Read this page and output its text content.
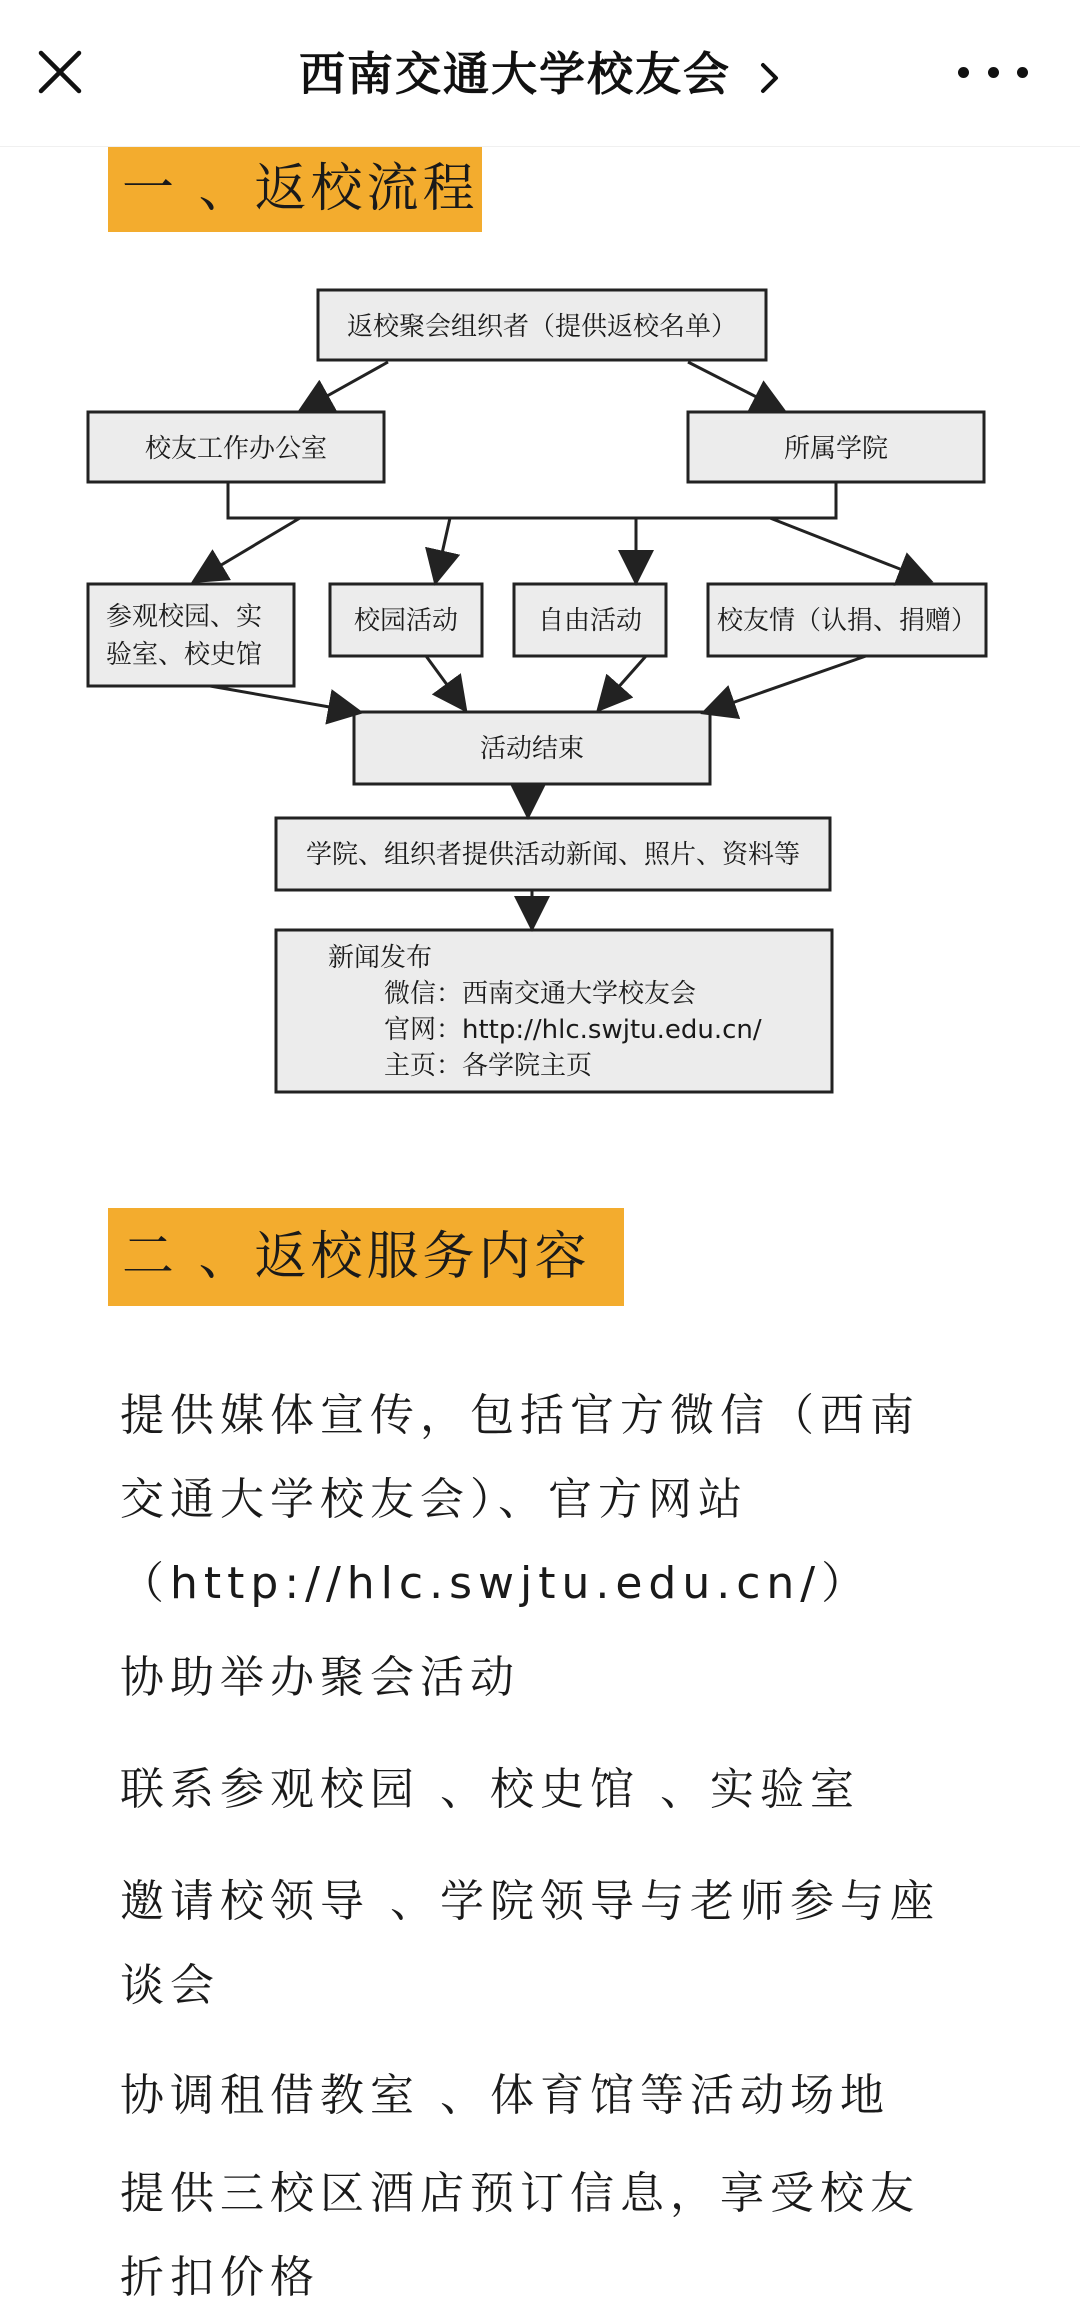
西南交通大学校友会
一 、返校流程
返校聚会组织者（提供返校名单）
校友工作办公室	所属学院
参观校园、实
验室、校史馆
校园活动	自由活动	校友情（认捐、捐赠）
活动结束
学院、组织者提供活动新闻、照片、资料等
新闻发布
微信：西南交通大学校友会
官网：http://hlc.swjtu.edu.cn/
主页：各学院主页
二 、返校服务内容

提供媒体宣传，包括官方微信（西南

交通大学校友会）、官方网站

（http://hlc.swjtu.edu.cn/）

协助举办聚会活动

联系参观校园 、校史馆 、实验室

邀请校领导 、学院领导与老师参与座

谈会

协调租借教室 、体育馆等活动场地

提供三校区酒店预订信息，享受校友

折扣价格
